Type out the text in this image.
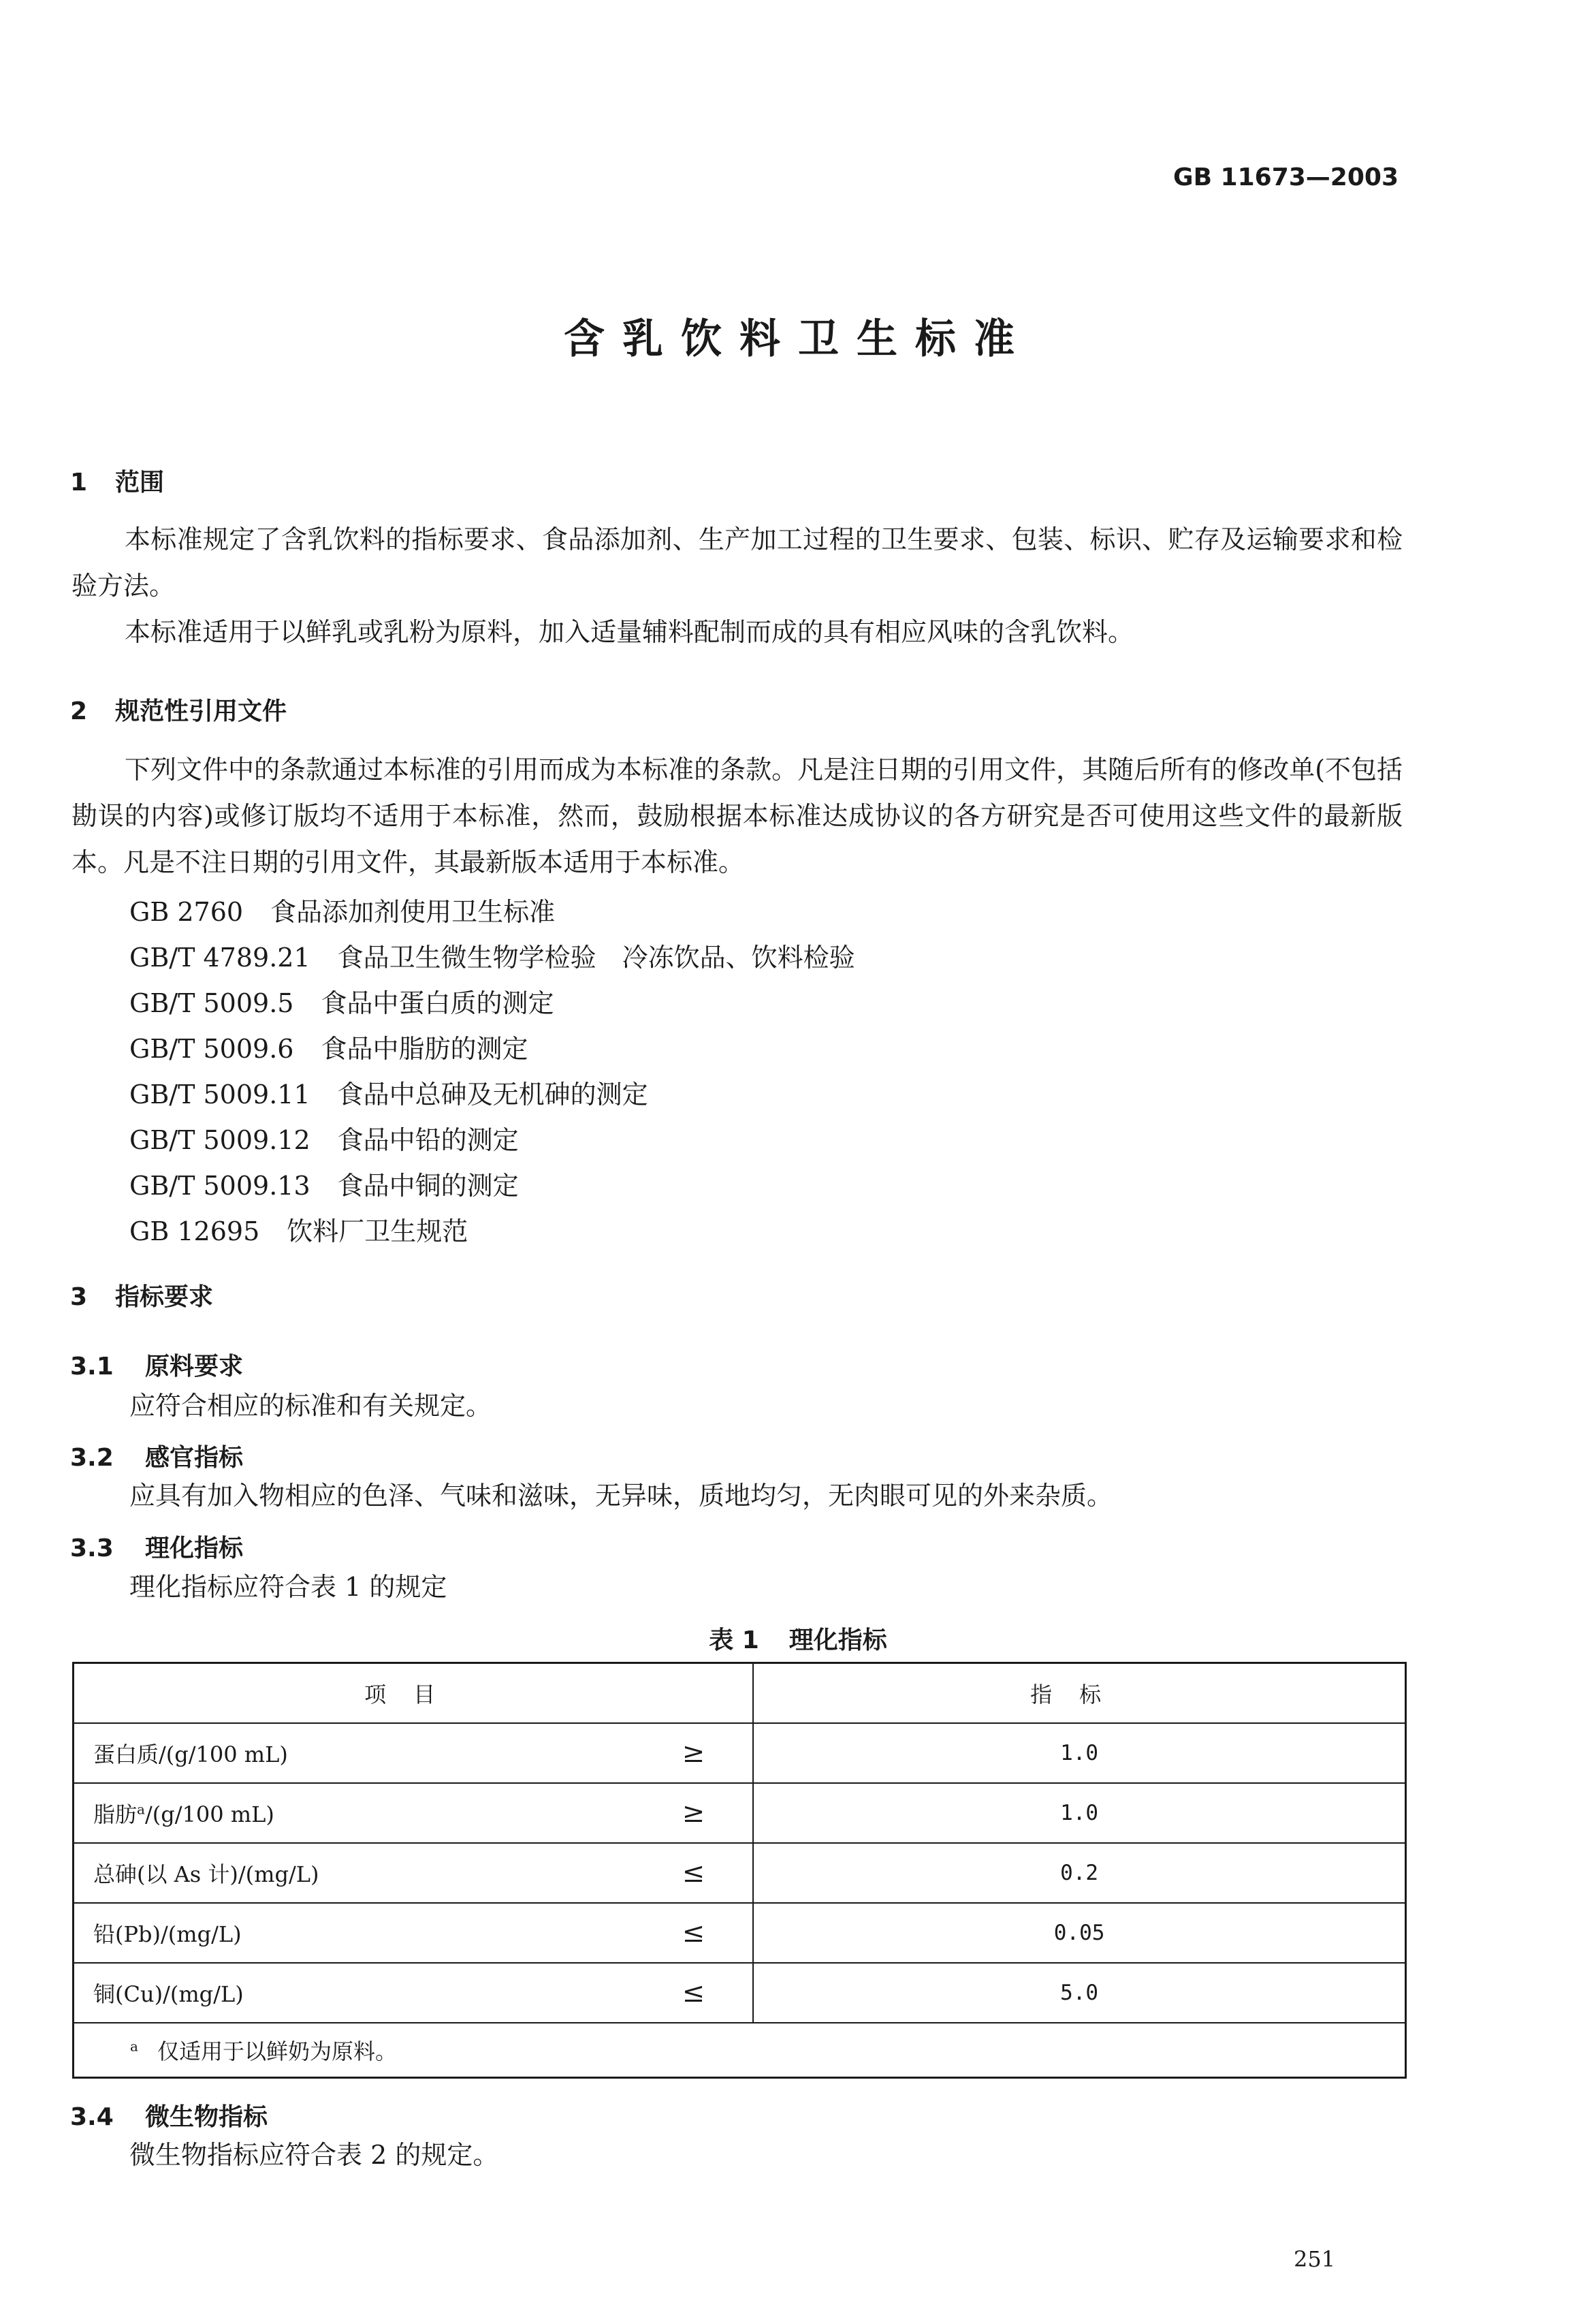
GB 11673—2003
含乳饮料卫生标准
1 范围
本标准规定了含乳饮料的指标要求、食品添加剂、生产加工过程的卫生要求、包装、标识、贮存及运输要求和检验方法。
本标准适用于以鲜乳或乳粉为原料，加入适量辅料配制而成的具有相应风味的含乳饮料。
2 规范性引用文件
下列文件中的条款通过本标准的引用而成为本标准的条款。凡是注日期的引用文件，其随后所有的修改单(不包括勘误的内容)或修订版均不适用于本标准，然而，鼓励根据本标准达成协议的各方研究是否可使用这些文件的最新版本。凡是不注日期的引用文件，其最新版本适用于本标准。
GB 2760 食品添加剂使用卫生标准
GB/T 4789.21 食品卫生微生物学检验　冷冻饮品、饮料检验
GB/T 5009.5 食品中蛋白质的测定
GB/T 5009.6 食品中脂肪的测定
GB/T 5009.11 食品中总砷及无机砷的测定
GB/T 5009.12 食品中铅的测定
GB/T 5009.13 食品中铜的测定
GB 12695 饮料厂卫生规范
3 指标要求
3.1 原料要求
应符合相应的标准和有关规定。
3.2 感官指标
应具有加入物相应的色泽、气味和滋味，无异味，质地均匀，无肉眼可见的外来杂质。
3.3 理化指标
理化指标应符合表 1 的规定
表 1 理化指标
项目	指标

蛋白质/(g/100 mL) ≥	1.0

脂肪$^a$/(g/100 mL) ≥	1.0

总砷(以 As 计)/(mg/L) ≤	0.2

铅(Pb)/(mg/L) ≤	0.05

铜(Cu)/(mg/L) ≤	5.0
$^a$ 仅适用于以鲜奶为原料。	
3.4 微生物指标
微生物指标应符合表 2 的规定。
251
